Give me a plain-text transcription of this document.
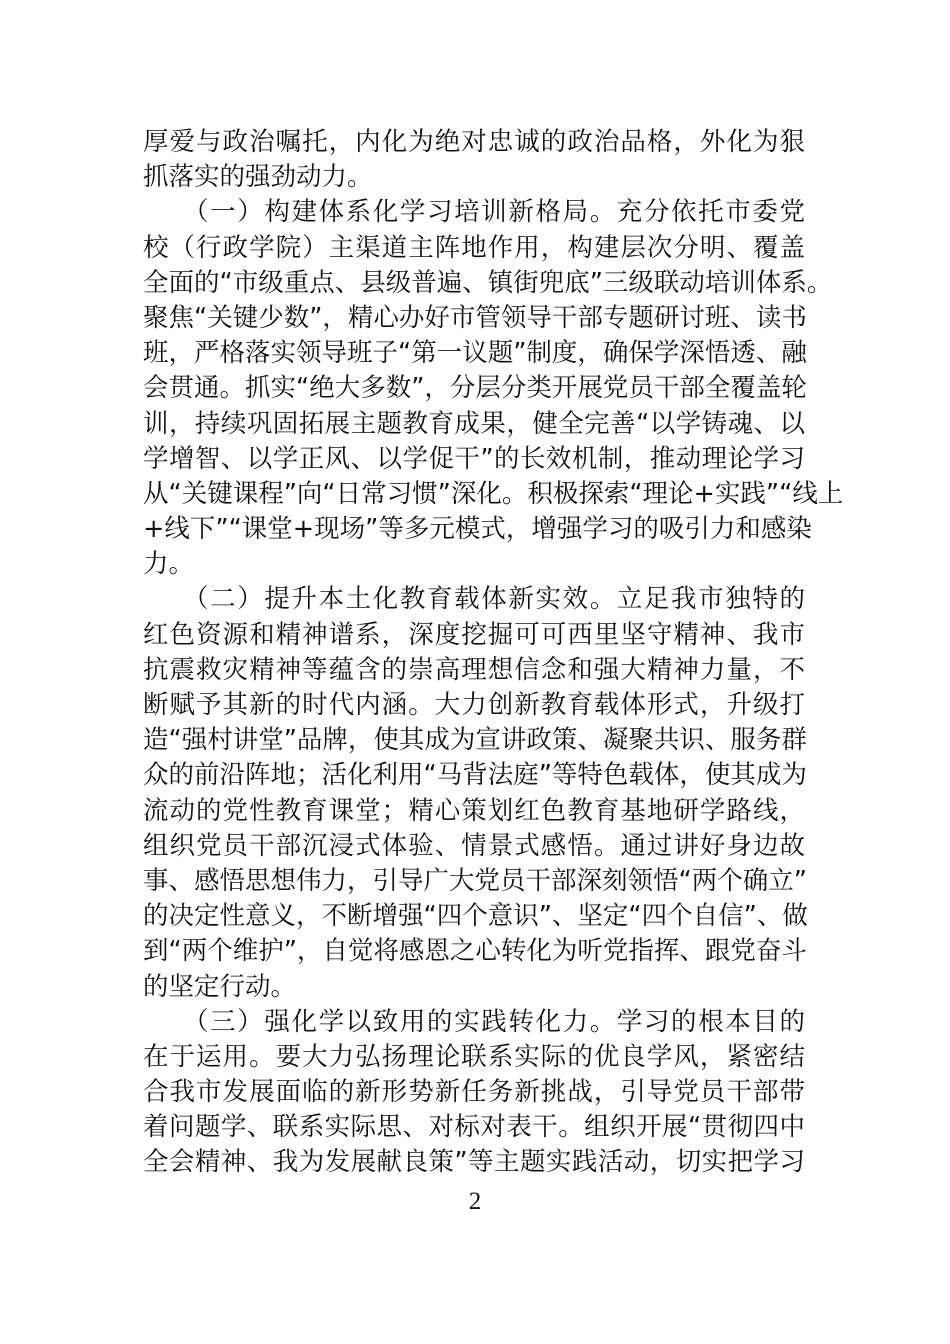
厚爱与政治嘱托，内化为绝对忠诚的政治品格，外化为狠
抓落实的强劲动力。
（一）构建体系化学习培训新格局。充分依托市委党
校（行政学院）主渠道主阵地作用，构建层次分明、覆盖
全面的“市级重点、县级普遍、镇街兜底”三级联动培训体系。
聚焦“关键少数”，精心办好市管领导干部专题研讨班、读书
班，严格落实领导班子“第一议题”制度，确保学深悟透、融
会贯通。抓实“绝大多数”，分层分类开展党员干部全覆盖轮
训，持续巩固拓展主题教育成果，健全完善“以学铸魂、以
学增智、以学正风、以学促干”的长效机制，推动理论学习
从“关键课程”向“日常习惯”深化。积极探索“理论+实践”“线上
+线下”“课堂+现场”等多元模式，增强学习的吸引力和感染
力。
（二）提升本土化教育载体新实效。立足我市独特的
红色资源和精神谱系，深度挖掘可可西里坚守精神、我市
抗震救灾精神等蕴含的崇高理想信念和强大精神力量，不
断赋予其新的时代内涵。大力创新教育载体形式，升级打
造“强村讲堂”品牌，使其成为宣讲政策、凝聚共识、服务群
众的前沿阵地；活化利用“马背法庭”等特色载体，使其成为
流动的党性教育课堂；精心策划红色教育基地研学路线，
组织党员干部沉浸式体验、情景式感悟。通过讲好身边故
事、感悟思想伟力，引导广大党员干部深刻领悟“两个确立”
的决定性意义，不断增强“四个意识”、坚定“四个自信”、做
到“两个维护”，自觉将感恩之心转化为听党指挥、跟党奋斗
的坚定行动。
（三）强化学以致用的实践转化力。学习的根本目的
在于运用。要大力弘扬理论联系实际的优良学风，紧密结
合我市发展面临的新形势新任务新挑战，引导党员干部带
着问题学、联系实际思、对标对表干。组织开展“贯彻四中
全会精神、我为发展献良策”等主题实践活动，切实把学习
2
